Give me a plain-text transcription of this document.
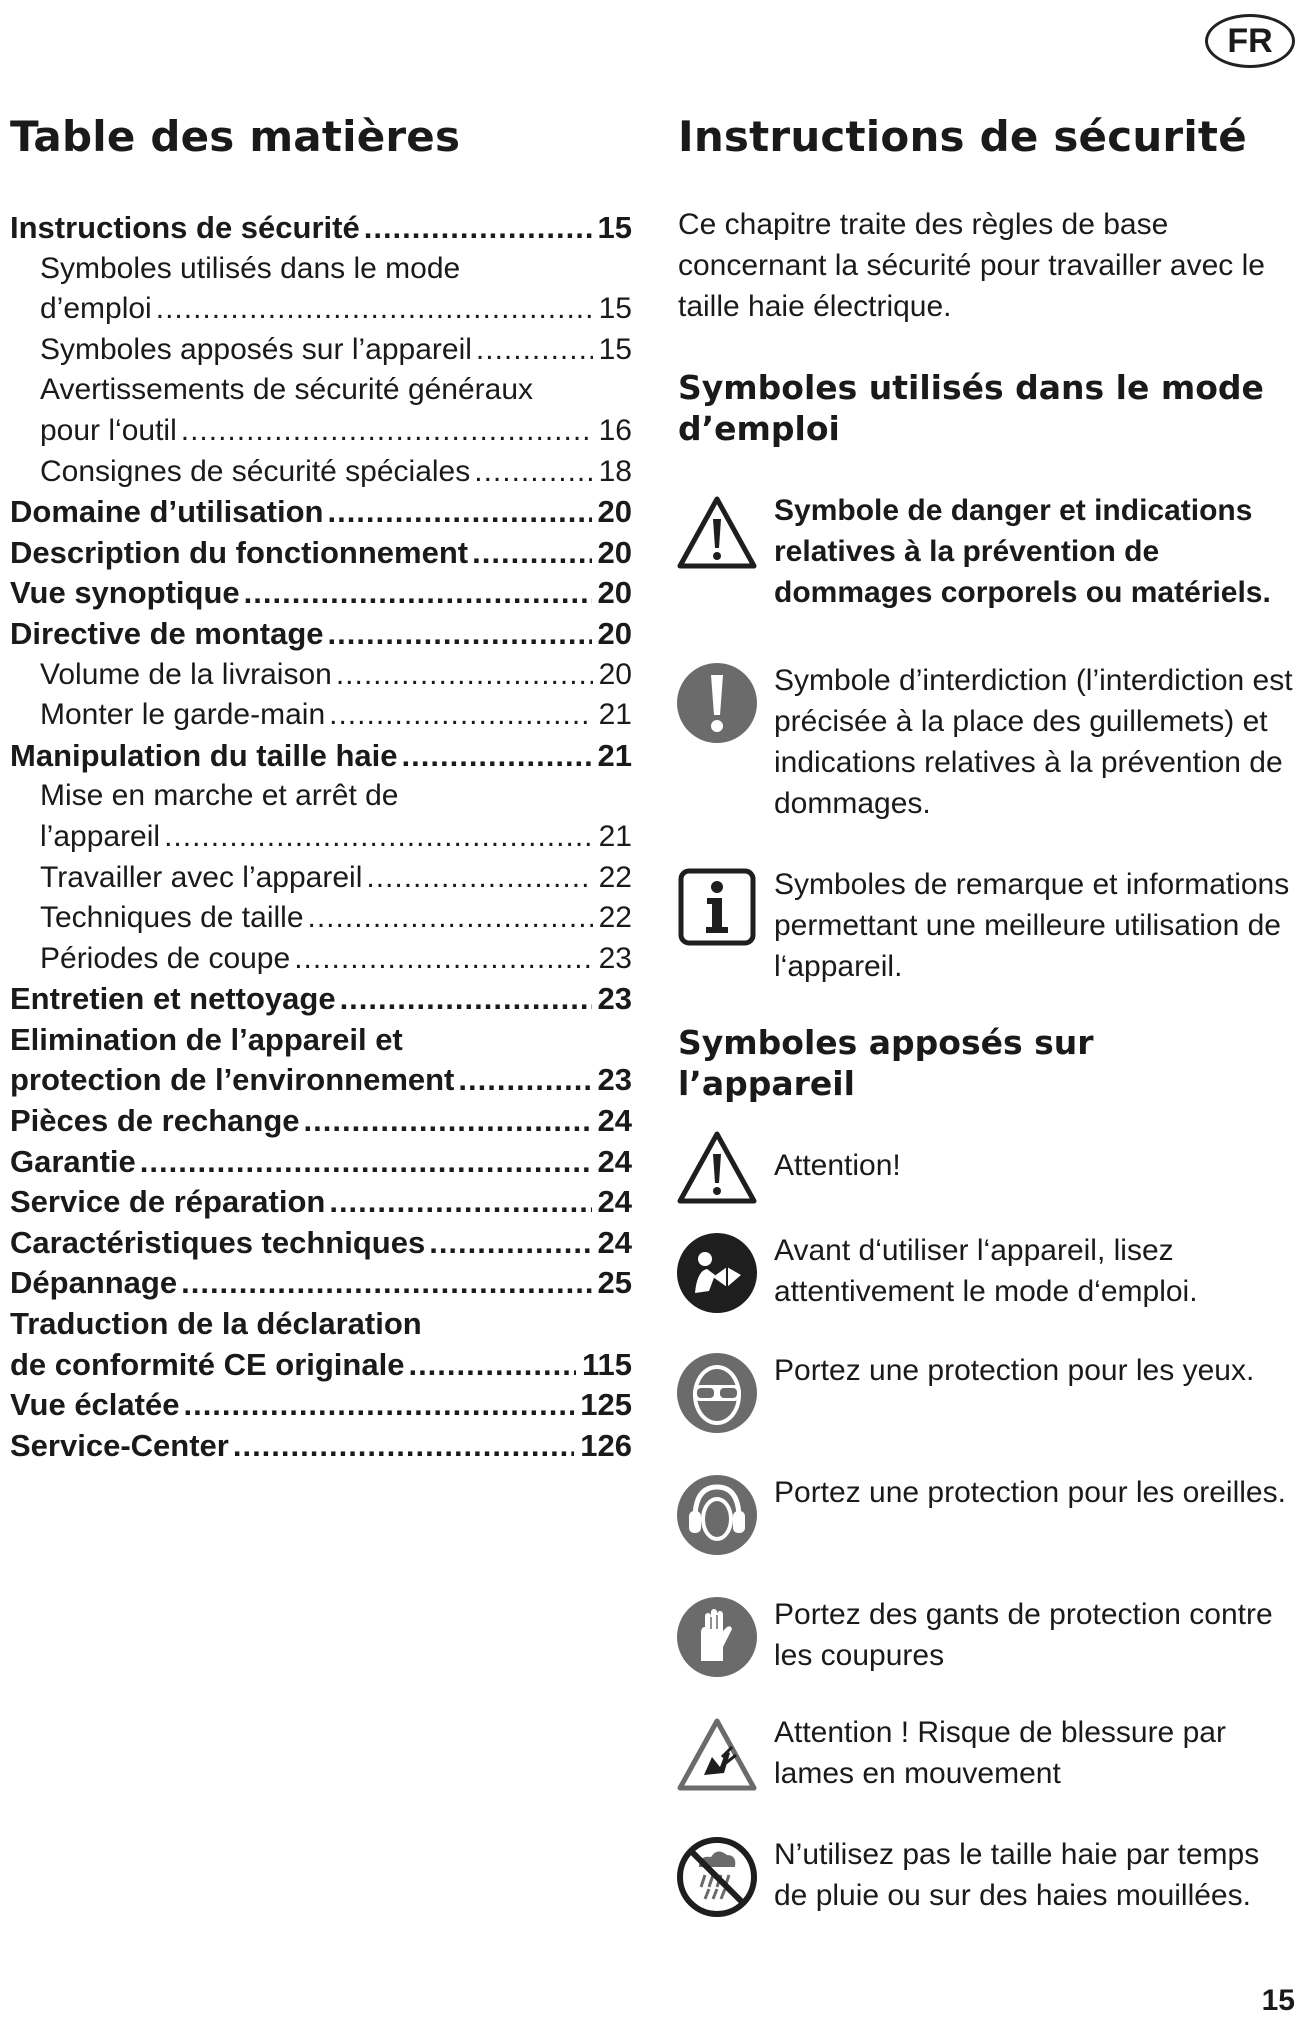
FR
Table des matières	Instructions de sécurité
Instructions de sécurité .....	15
Symboles utilisés dans le mode
d’emploi .....	15
Symboles apposés sur l’appareil .....	15
Avertissements de sécurité généraux
pour l‘outil .....	16
Consignes de sécurité spéciales .....	18
Domaine d’utilisation .....	20
Description du fonctionnement .....	20
Vue synoptique .....	20
Directive de montage .....	20
Volume de la livraison .....	20
Monter le garde-main .....	21
Manipulation du taille haie .....	21
Mise en marche et arrêt de
l’appareil .....	21
Travailler avec l’appareil .....	22
Techniques de taille .....	22
Périodes de coupe .....	23
Entretien et nettoyage .....	23
Elimination de l’appareil et
protection de l’environnement .....	23
Pièces de rechange .....	24
Garantie .....	24
Service de réparation .....	24
Caractéristiques techniques .....	24
Dépannage .....	25
Traduction de la déclaration
de conformité CE originale .....	115
Vue éclatée .....	125
Service-Center .....	126

Ce chapitre traite des règles de base concernant la sécurité pour travailler avec le taille haie électrique.

Symboles utilisés dans le mode d’emploi
Symbole de danger et indications relatives à la prévention de dommages corporels ou matériels.
Symbole d’interdiction (l’interdiction est précisée à la place des guillemets) et indications relatives à la prévention de dommages.
Symboles de remarque et informations permettant une meilleure utilisation de l‘appareil.
Symboles apposés sur l’appareil
Attention!
Avant d‘utiliser l‘appareil, lisez attentivement le mode d‘emploi.
Portez une protection pour les yeux.
Portez une protection pour les oreilles.
Portez des gants de protection contre les coupures
Attention ! Risque de blessure par lames en mouvement
N’utilisez pas le taille haie par temps de pluie ou sur des haies mouillées.
15
